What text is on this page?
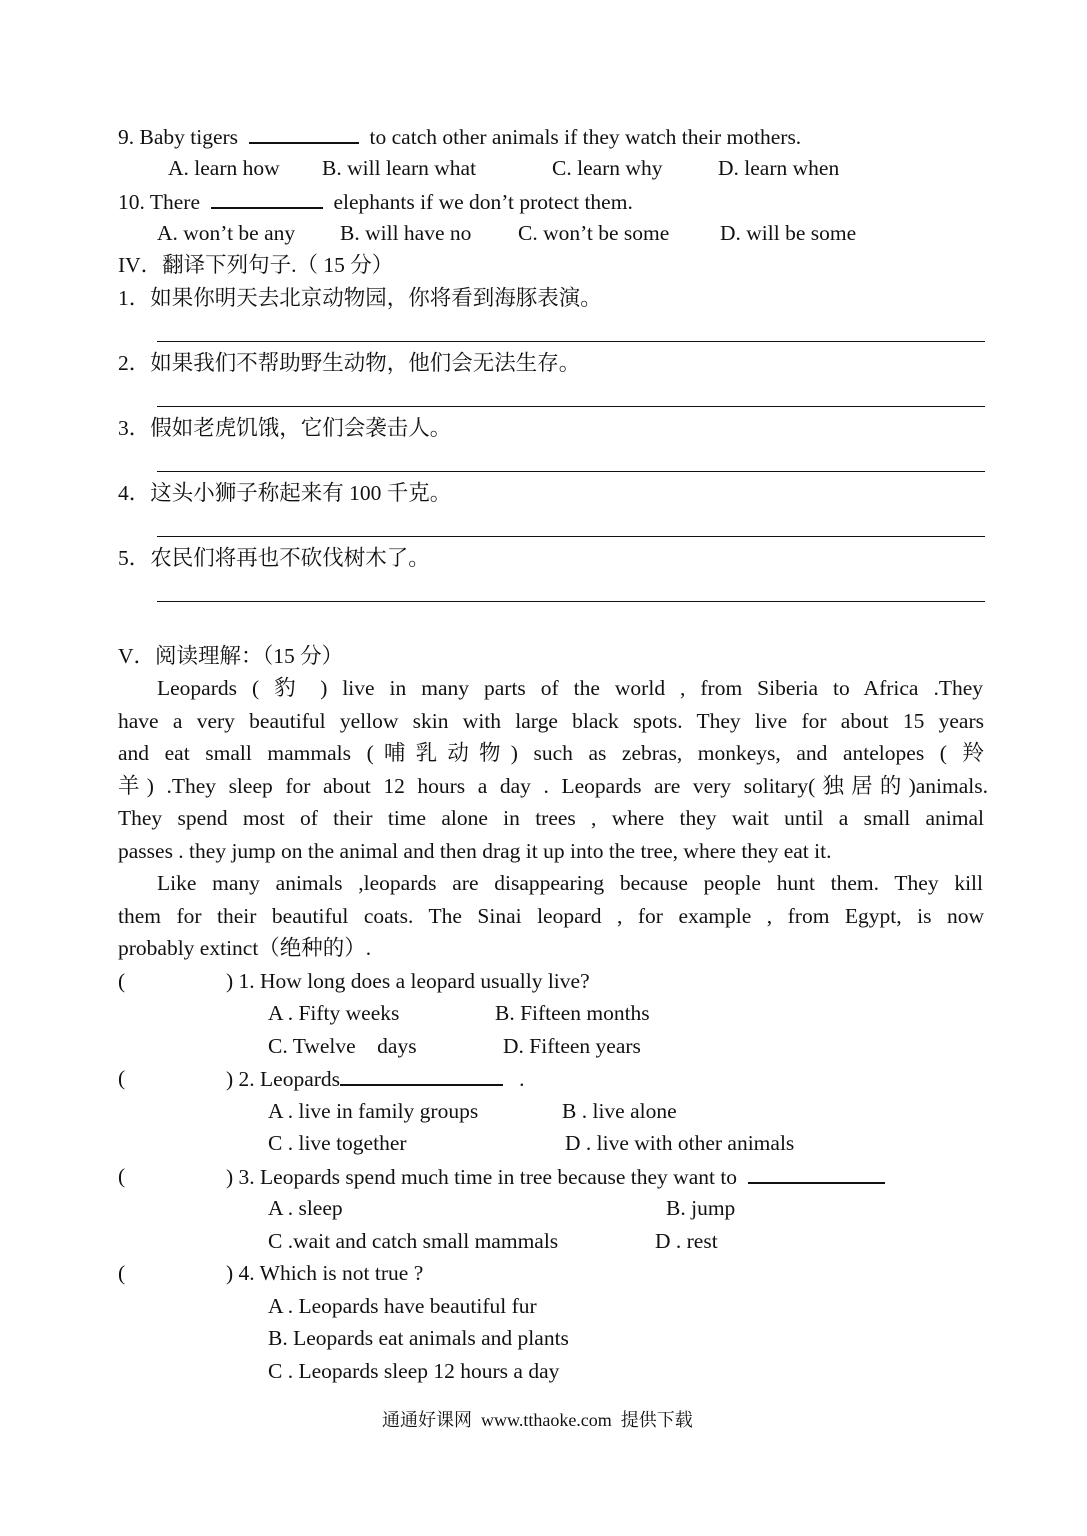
9. Baby tigers	to catch other animals if they watch their mothers.
A. learn how B. will learn what	C. learn why	D. learn when
10. There	elephants if we don’t protect them.
A. won’t be any B. will have no C. won’t be some D. will be some
IV．翻译下列句子.（ 15 分）
1．如果你明天去北京动物园，你将看到海豚表演。
2．如果我们不帮助野生动物，他们会无法生存。
3．假如老虎饥饿，它们会袭击人。
4．这头小狮子称起来有 100 千克。
5．农民们将再也不砍伐树木了。
V．阅读理解：（15 分）
Leopards ( 豹 ) live in many parts of the world , from Siberia to Africa .They
have a very beautiful yellow skin with large black spots. They live for about 15 years
and eat small mammals (哺乳动物) such as zebras, monkeys, and antelopes ( 羚
羊) .They sleep for about 12 hours a day . Leopards are very solitary(独居的)animals.
They spend most of their time alone in trees , where they wait until a small animal
passes . they jump on the animal and then drag it up into the tree, where they eat it.
Like many animals ,leopards are disappearing because people hunt them. They kill
them for their beautiful coats. The Sinai leopard , for example , from Egypt, is now
probably extinct（绝种的）.
(	) 1. How long does a leopard usually live?
A . Fifty weeks	B. Fifteen months
C. Twelve    days	D. Fifteen years
(	) 2. Leopards	.
A . live in family groups	B . live alone
C . live together	D . live with other animals
(	) 3. Leopards spend much time in tree because they want to
A . sleep	B. jump
C .wait and catch small mammals	D . rest
(	) 4. Which is not true ?
A . Leopards have beautiful fur
B. Leopards eat animals and plants
C . Leopards sleep 12 hours a day
通通好课网  www.tthaoke.com  提供下载
